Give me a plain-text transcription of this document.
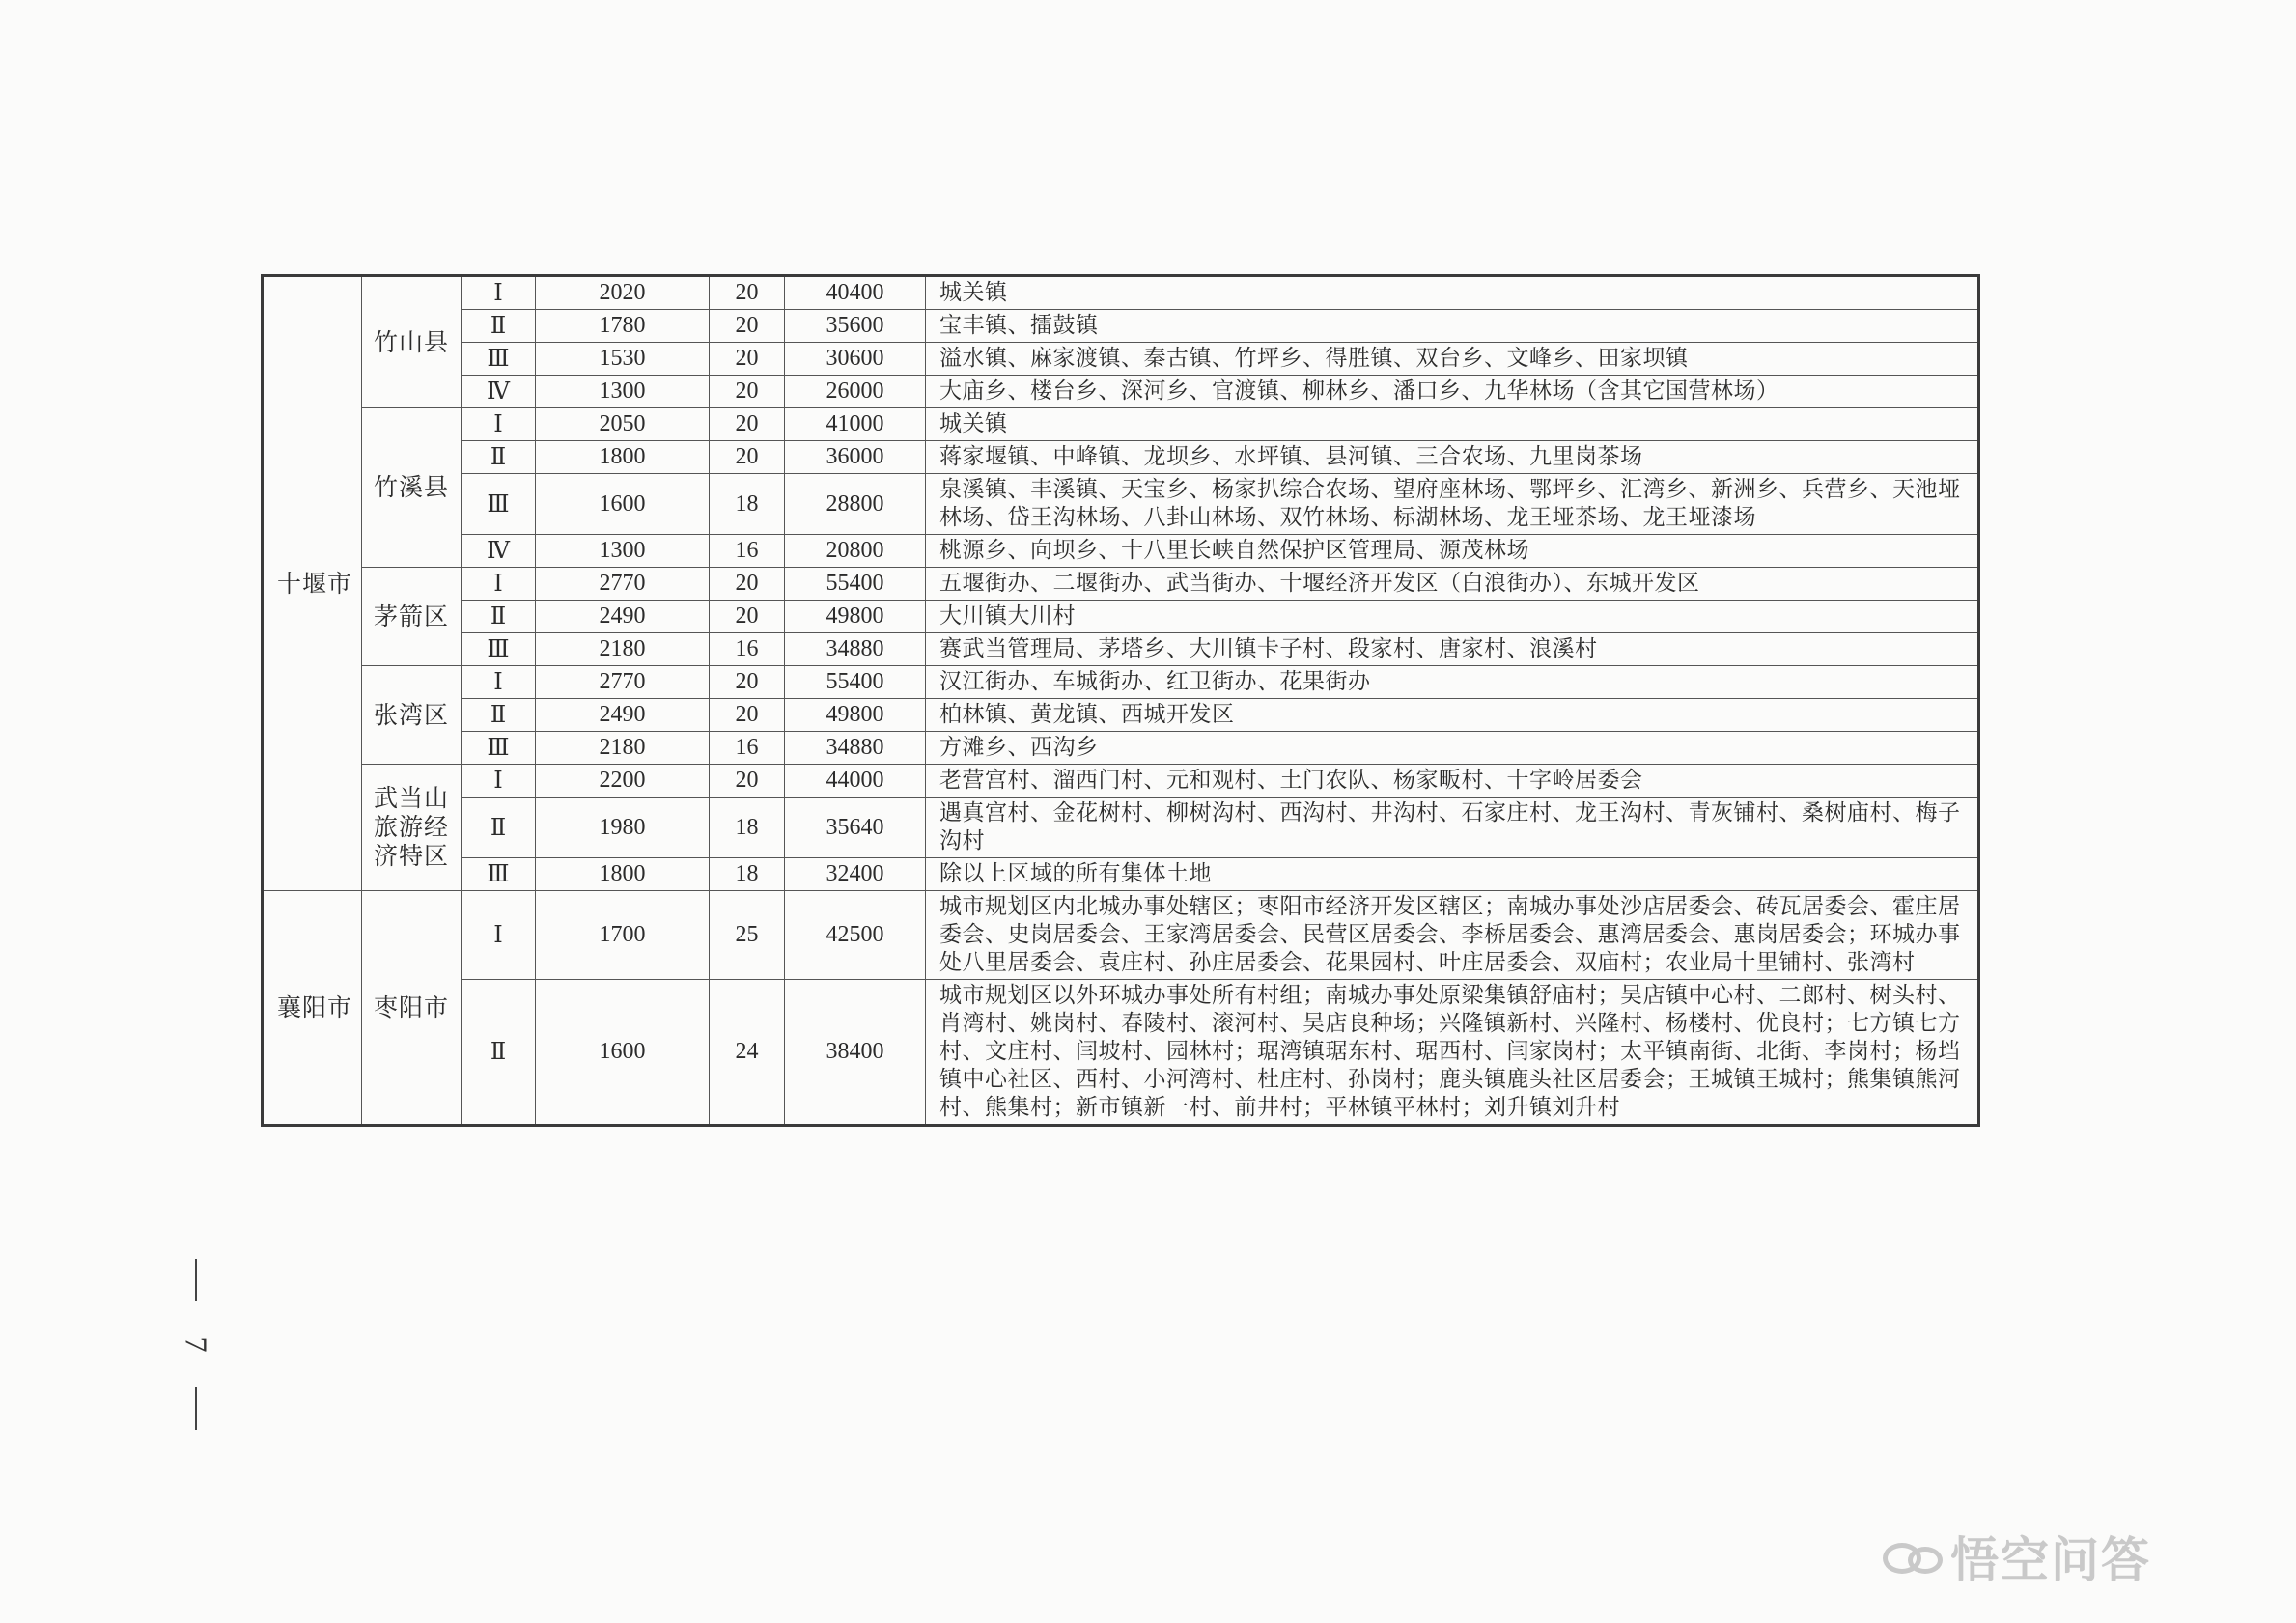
十堰市	竹山县	Ⅰ	2020	20	40400	城关镇
		Ⅱ	1780	20	35600	宝丰镇、擂鼓镇
		Ⅲ	1530	20	30600	溢水镇、麻家渡镇、秦古镇、竹坪乡、得胜镇、双台乡、文峰乡、田家坝镇
		Ⅳ	1300	20	26000	大庙乡、楼台乡、深河乡、官渡镇、柳林乡、潘口乡、九华林场（含其它国营林场）
	竹溪县	Ⅰ	2050	20	41000	城关镇
		Ⅱ	1800	20	36000	蒋家堰镇、中峰镇、龙坝乡、水坪镇、县河镇、三合农场、九里岗茶场
		Ⅲ	1600	18	28800	泉溪镇、丰溪镇、天宝乡、杨家扒综合农场、望府座林场、鄂坪乡、汇湾乡、新洲乡、兵营乡、天池垭林场、岱王沟林场、八卦山林场、双竹林场、标湖林场、龙王垭茶场、龙王垭漆场
		Ⅳ	1300	16	20800	桃源乡、向坝乡、十八里长峡自然保护区管理局、源茂林场
	茅箭区	Ⅰ	2770	20	55400	五堰街办、二堰街办、武当街办、十堰经济开发区（白浪街办）、东城开发区
		Ⅱ	2490	20	49800	大川镇大川村
		Ⅲ	2180	16	34880	赛武当管理局、茅塔乡、大川镇卡子村、段家村、唐家村、浪溪村
	张湾区	Ⅰ	2770	20	55400	汉江街办、车城街办、红卫街办、花果街办
		Ⅱ	2490	20	49800	柏林镇、黄龙镇、西城开发区
		Ⅲ	2180	16	34880	方滩乡、西沟乡
	武当山旅游经济特区	Ⅰ	2200	20	44000	老营宫村、溜西门村、元和观村、土门农队、杨家畈村、十字岭居委会
		Ⅱ	1980	18	35640	遇真宫村、金花树村、柳树沟村、西沟村、井沟村、石家庄村、龙王沟村、青灰铺村、桑树庙村、梅子沟村
		Ⅲ	1800	18	32400	除以上区域的所有集体土地
襄阳市	枣阳市	Ⅰ	1700	25	42500	城市规划区内北城办事处辖区；枣阳市经济开发区辖区；南城办事处沙店居委会、砖瓦居委会、霍庄居委会、史岗居委会、王家湾居委会、民营区居委会、李桥居委会、惠湾居委会、惠岗居委会；环城办事处八里居委会、袁庄村、孙庄居委会、花果园村、叶庄居委会、双庙村；农业局十里铺村、张湾村
		Ⅱ	1600	24	38400	城市规划区以外环城办事处所有村组；南城办事处原梁集镇舒庙村；吴店镇中心村、二郎村、树头村、肖湾村、姚岗村、春陵村、滚河村、吴店良种场；兴隆镇新村、兴隆村、杨楼村、优良村；七方镇七方村、文庄村、闫坡村、园林村；琚湾镇琚东村、琚西村、闫家岗村；太平镇南街、北街、李岗村；杨垱镇中心社区、西村、小河湾村、杜庄村、孙岗村；鹿头镇鹿头社区居委会；王城镇王城村；熊集镇熊河村、熊集村；新市镇新一村、前井村；平林镇平林村；刘升镇刘升村
7
悟空问答
